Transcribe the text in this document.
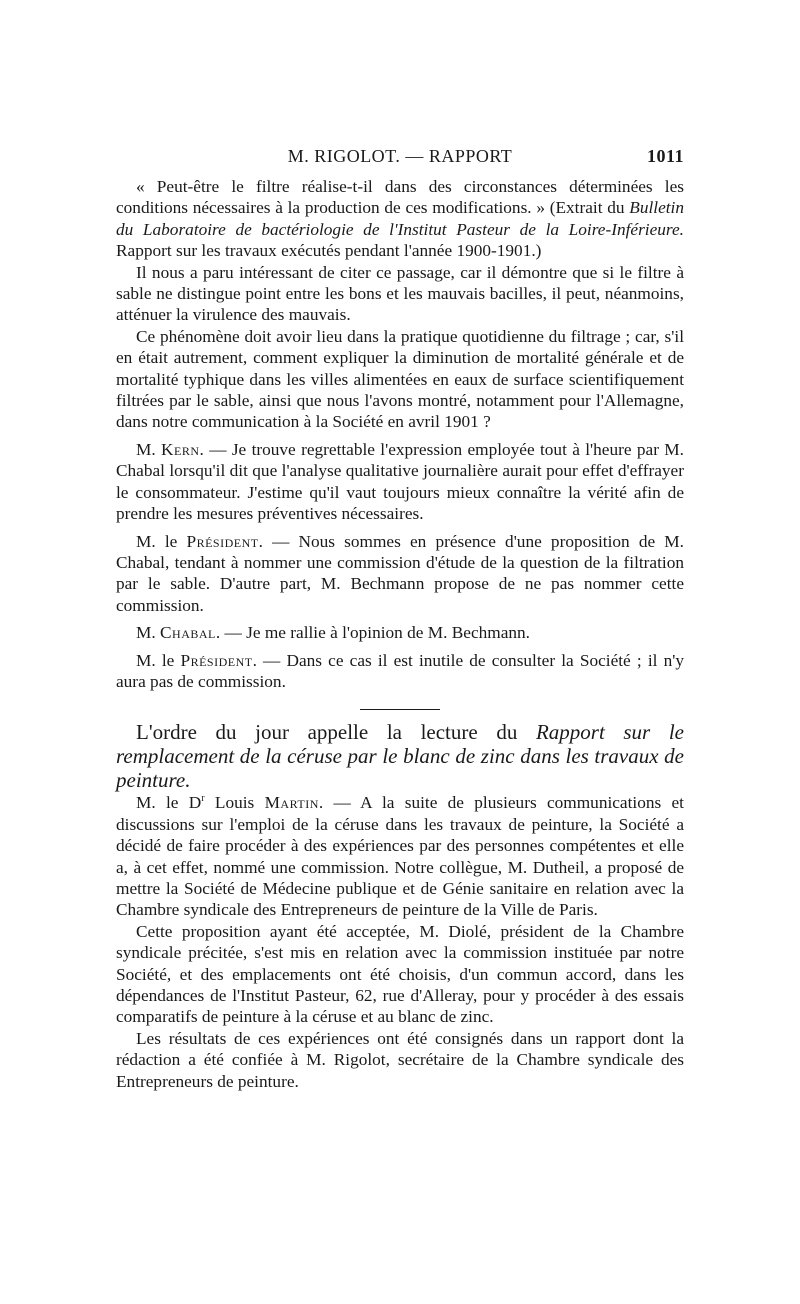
M. RIGOLOT. — RAPPORT	1011

« Peut-être le filtre réalise-t-il dans des circonstances déterminées les conditions nécessaires à la production de ces modifications. » (Extrait du Bulletin du Laboratoire de bactériologie de l'Institut Pasteur de la Loire-Inférieure. Rapport sur les travaux exécutés pendant l'année 1900-1901.)

Il nous a paru intéressant de citer ce passage, car il démontre que si le filtre à sable ne distingue point entre les bons et les mauvais bacilles, il peut, néanmoins, atténuer la virulence des mauvais.

Ce phénomène doit avoir lieu dans la pratique quotidienne du filtrage ; car, s'il en était autrement, comment expliquer la diminution de mortalité générale et de mortalité typhique dans les villes alimentées en eaux de surface scientifiquement filtrées par le sable, ainsi que nous l'avons montré, notamment pour l'Allemagne, dans notre communication à la Société en avril 1901 ?

M. Kern. — Je trouve regrettable l'expression employée tout à l'heure par M. Chabal lorsqu'il dit que l'analyse qualitative journalière aurait pour effet d'effrayer le consommateur. J'estime qu'il vaut toujours mieux connaître la vérité afin de prendre les mesures préventives nécessaires.

M. le Président. — Nous sommes en présence d'une proposition de M. Chabal, tendant à nommer une commission d'étude de la question de la filtration par le sable. D'autre part, M. Bechmann propose de ne pas nommer cette commission.

M. Chabal. — Je me rallie à l'opinion de M. Bechmann.

M. le Président. — Dans ce cas il est inutile de consulter la Société ; il n'y aura pas de commission.

L'ordre du jour appelle la lecture du Rapport sur le remplacement de la céruse par le blanc de zinc dans les travaux de peinture.

M. le $D^r$ Louis Martin. — A la suite de plusieurs communications et discussions sur l'emploi de la céruse dans les travaux de peinture, la Société a décidé de faire procéder à des expériences par des personnes compétentes et elle a, à cet effet, nommé une commission. Notre collègue, M. Dutheil, a proposé de mettre la Société de Médecine publique et de Génie sanitaire en relation avec la Chambre syndicale des Entrepreneurs de peinture de la Ville de Paris.

Cette proposition ayant été acceptée, M. Diolé, président de la Chambre syndicale précitée, s'est mis en relation avec la commission instituée par notre Société, et des emplacements ont été choisis, d'un commun accord, dans les dépendances de l'Institut Pasteur, 62, rue d'Alleray, pour y procéder à des essais comparatifs de peinture à la céruse et au blanc de zinc.

Les résultats de ces expériences ont été consignés dans un rapport dont la rédaction a été confiée à M. Rigolot, secrétaire de la Chambre syndicale des Entrepreneurs de peinture.
